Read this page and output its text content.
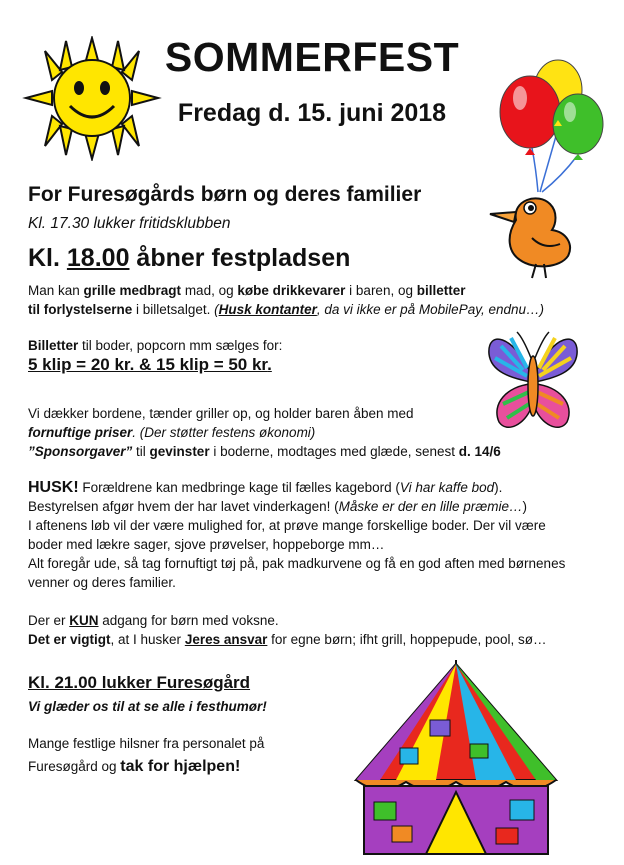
SOMMERFEST
Fredag d. 15. juni 2018
For Furesøgårds børn og deres familier
Kl. 17.30 lukker fritidsklubben
Kl. 18.00 åbner festpladsen
Man kan grille medbragt mad, og købe drikkevarer i baren, og billetter
til forlystelserne i billetsalget. (Husk kontanter, da vi ikke er på MobilePay, endnu…)
Billetter til boder, popcorn mm sælges for:
5 klip = 20 kr. & 15 klip = 50 kr.
Vi dækker bordene, tænder griller op, og holder baren åben med
fornuftige priser. (Der støtter festens økonomi)
”Sponsorgaver” til gevinster i boderne, modtages med glæde, senest d. 14/6
HUSK! Forældrene kan medbringe kage til fælles kagebord (Vi har kaffe bod).
Bestyrelsen afgør hvem der har lavet vinderkagen! (Måske er der en lille præmie…)
I aftenens løb vil der være mulighed for, at prøve mange forskellige boder. Der vil være
boder med lækre sager, sjove prøvelser, hoppeborge mm…
Alt foregår ude, så tag fornuftigt tøj på, pak madkurvene og få en god aften med børnenes
venner og deres familier.
Der er KUN adgang for børn med voksne.
Det er vigtigt, at I husker Jeres ansvar for egne børn; ifht grill, hoppepude, pool, sø…
Kl. 21.00 lukker Furesøgård
Vi glæder os til at se alle i festhumør!
Mange festlige hilsner fra personalet på
Furesøgård og tak for hjælpen!
